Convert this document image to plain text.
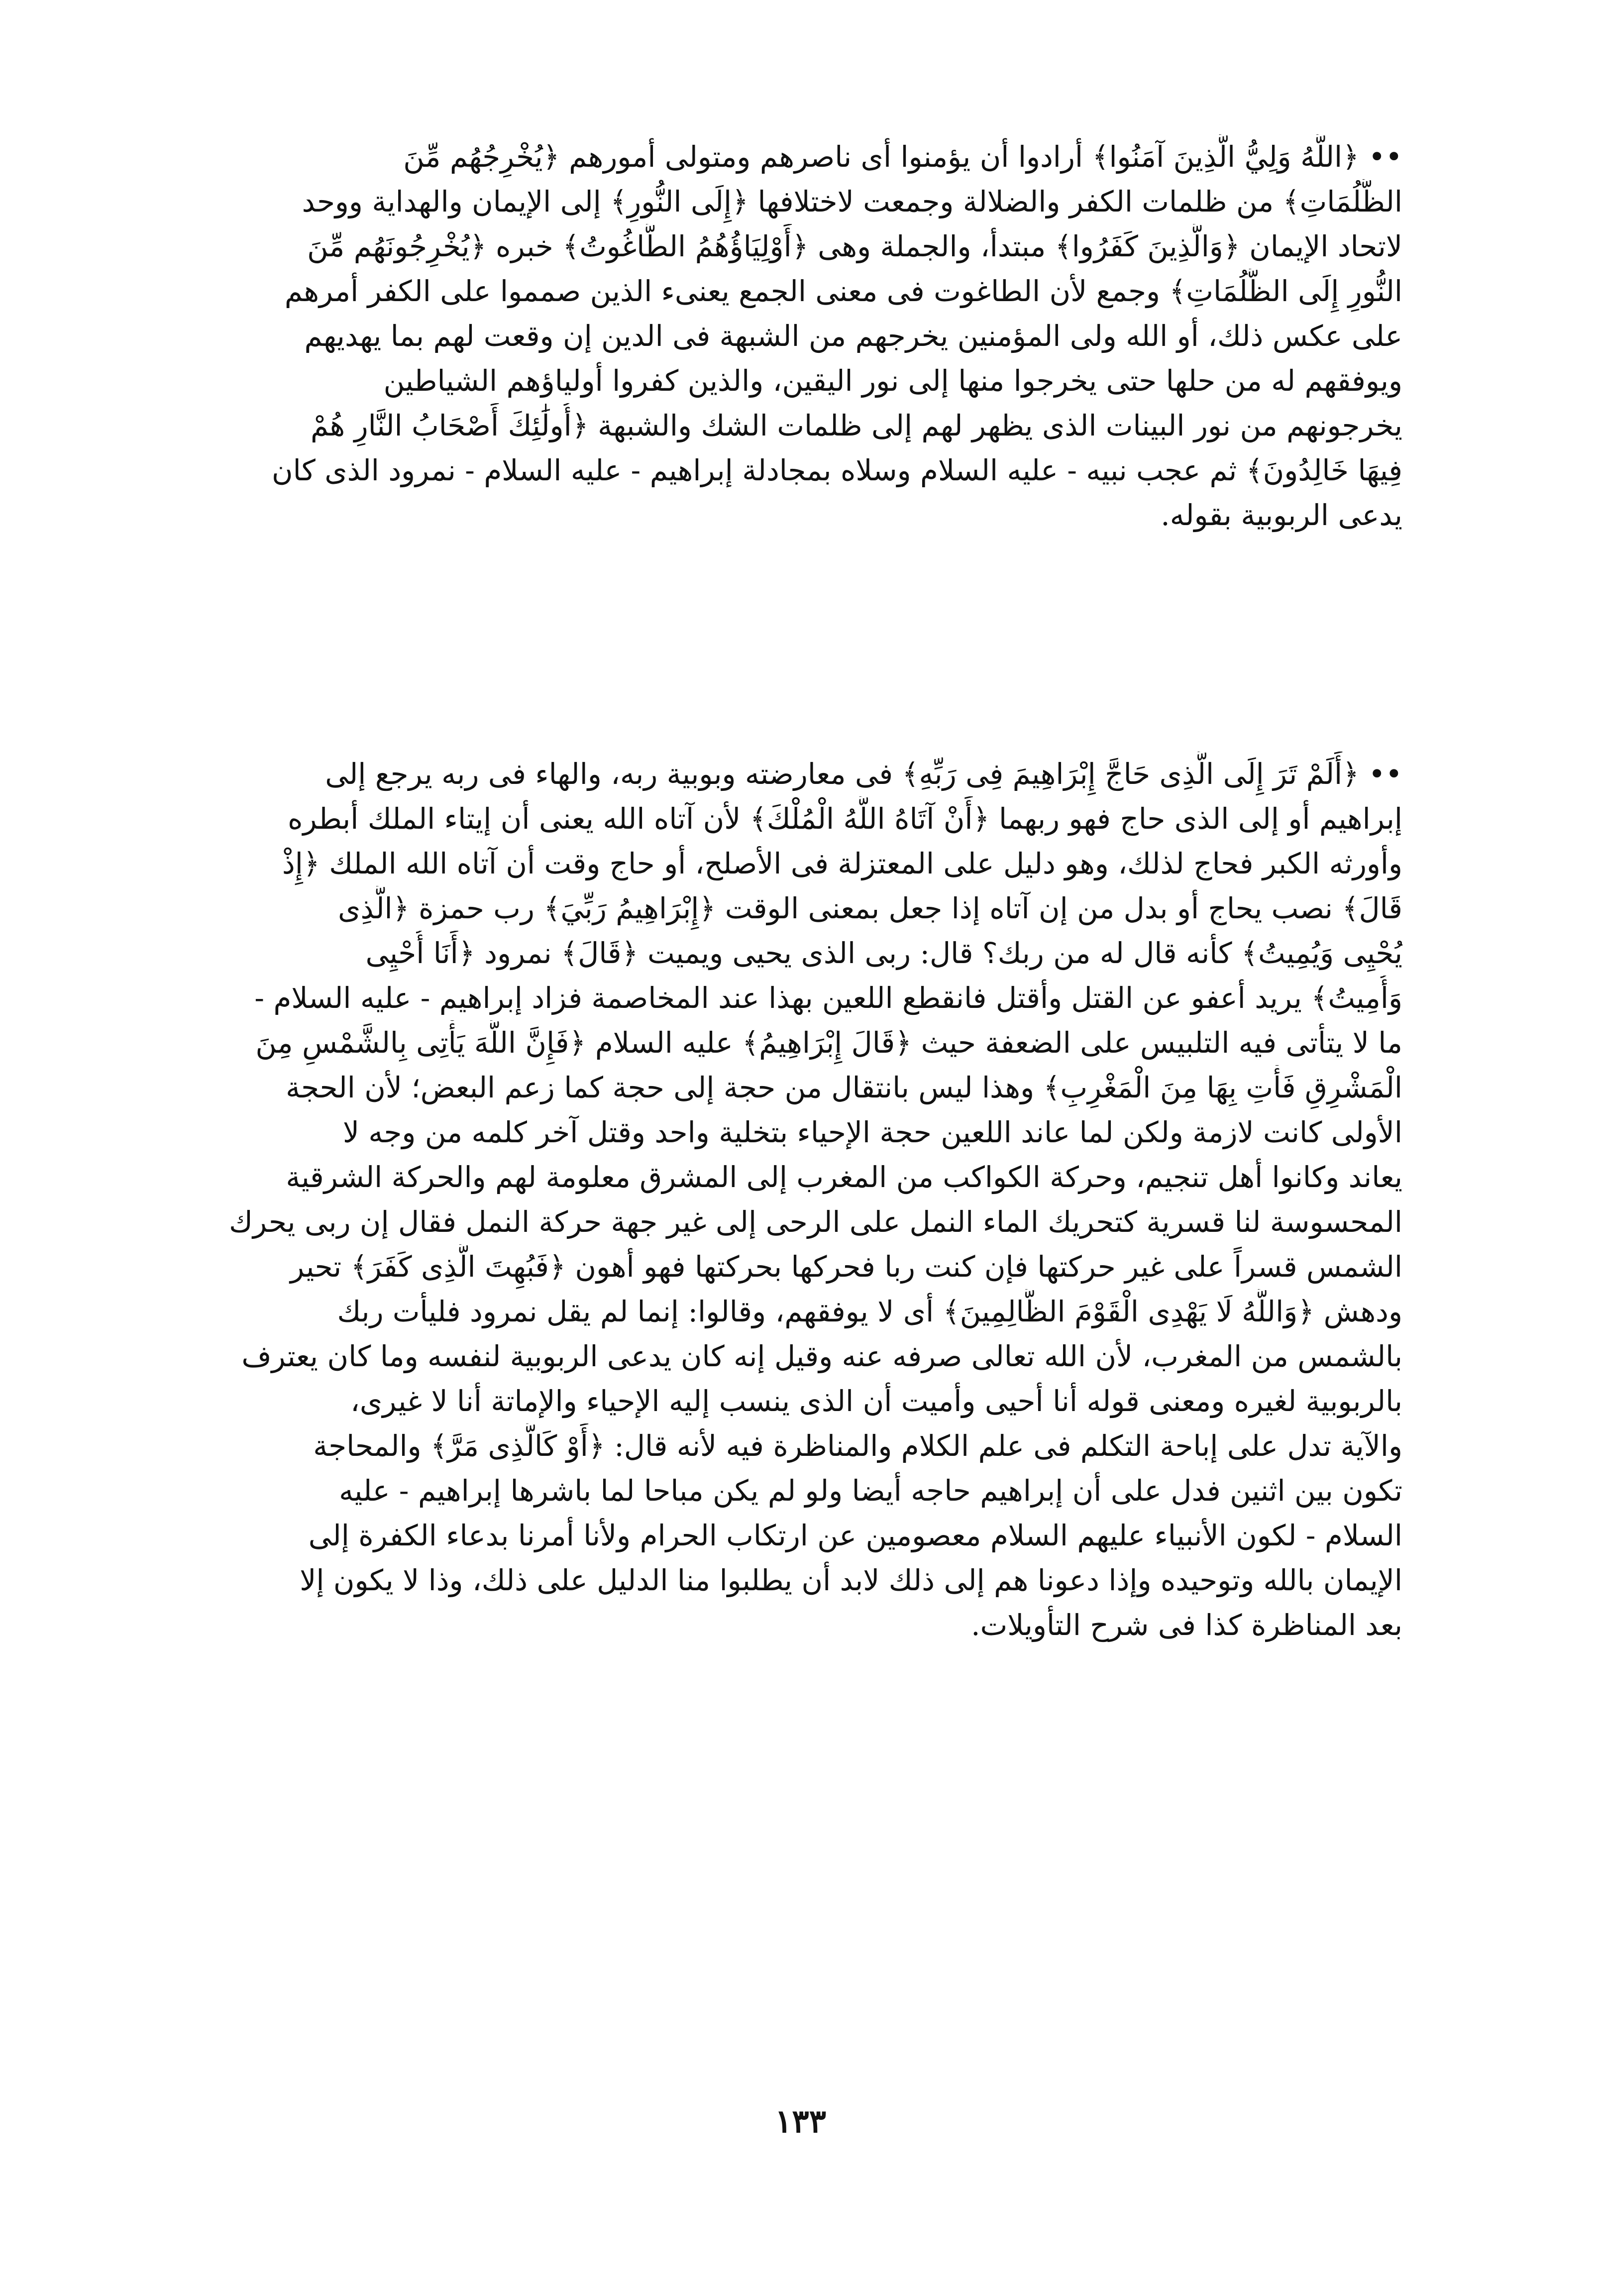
•• ﴿اللَّهُ وَلِيُّ الَّذِينَ آمَنُوا﴾ أرادوا أن يؤمنوا أى ناصرهم ومتولى أمورهم ﴿يُخْرِجُهُم مِّنَ
الظُّلُمَاتِ﴾ من ظلمات الكفر والضلالة وجمعت لاختلافها ﴿إِلَى النُّورِ﴾ إلى الإيمان والهداية ووحد
لاتحاد الإيمان ﴿وَالَّذِينَ كَفَرُوا﴾ مبتدأ، والجملة وهى ﴿أَوْلِيَاؤُهُمُ الطَّاغُوتُ﴾ خبره ﴿يُخْرِجُونَهُم مِّنَ
النُّورِ إِلَى الظُّلُمَاتِ﴾ وجمع لأن الطاغوت فى معنى الجمع يعنىء الذين صمموا على الكفر أمرهم
على عكس ذلك، أو الله ولى المؤمنين يخرجهم من الشبهة فى الدين إن وقعت لهم بما يهديهم
ويوفقهم له من حلها حتى يخرجوا منها إلى نور اليقين، والذين كفروا أولياؤهم الشياطين
يخرجونهم من نور البينات الذى يظهر لهم إلى ظلمات الشك والشبهة ﴿أُولَٰئِكَ أَصْحَابُ النَّارِ هُمْ
فِيهَا خَالِدُونَ﴾ ثم عجب نبيه - عليه السلام وسلاه بمجادلة إبراهيم - عليه السلام - نمرود الذى كان
يدعى الربوبية بقوله.
•• ﴿أَلَمْ تَرَ إِلَى الَّذِى حَاجَّ إِبْرَاهِيمَ فِى رَبِّهِ﴾ فى معارضته وبوبية ربه، والهاء فى ربه يرجع إلى
إبراهيم أو إلى الذى حاج فهو ربهما ﴿أَنْ آتَاهُ اللَّهُ الْمُلْكَ﴾ لأن آتاه الله يعنى أن إيتاء الملك أبطره
وأورثه الكبر فحاج لذلك، وهو دليل على المعتزلة فى الأصلح، أو حاج وقت أن آتاه الله الملك ﴿إِذْ
قَالَ﴾ نصب يحاج أو بدل من إن آتاه إذا جعل بمعنى الوقت ﴿إِبْرَاهِيمُ رَبِّيَ﴾ رب حمزة ﴿الَّذِى
يُحْيِى وَيُمِيتُ﴾ كأنه قال له من ربك؟ قال: ربى الذى يحيى ويميت ﴿قَالَ﴾ نمرود ﴿أَنَا أُحْيِى
وَأُمِيتُ﴾ يريد أعفو عن القتل وأقتل فانقطع اللعين بهذا عند المخاصمة فزاد إبراهيم - عليه السلام -
ما لا يتأتى فيه التلبيس على الضعفة حيث ﴿قَالَ إِبْرَاهِيمُ﴾ عليه السلام ﴿فَإِنَّ اللَّهَ يَأْتِى بِالشَّمْسِ مِنَ
الْمَشْرِقِ فَأْتِ بِهَا مِنَ الْمَغْرِبِ﴾ وهذا ليس بانتقال من حجة إلى حجة كما زعم البعض؛ لأن الحجة
الأولى كانت لازمة ولكن لما عاند اللعين حجة الإحياء بتخلية واحد وقتل آخر كلمه من وجه لا
يعاند وكانوا أهل تنجيم، وحركة الكواكب من المغرب إلى المشرق معلومة لهم والحركة الشرقية
المحسوسة لنا قسرية كتحريك الماء النمل على الرحى إلى غير جهة حركة النمل فقال إن ربى يحرك
الشمس قسراً على غير حركتها فإن كنت ربا فحركها بحركتها فهو أهون ﴿فَبُهِتَ الَّذِى كَفَرَ﴾ تحير
ودهش ﴿وَاللَّهُ لَا يَهْدِى الْقَوْمَ الظَّالِمِينَ﴾ أى لا يوفقهم، وقالوا: إنما لم يقل نمرود فليأت ربك
بالشمس من المغرب، لأن الله تعالى صرفه عنه وقيل إنه كان يدعى الربوبية لنفسه وما كان يعترف
بالربوبية لغيره ومعنى قوله أنا أحيى وأميت أن الذى ينسب إليه الإحياء والإماتة أنا لا غيرى،
والآية تدل على إباحة التكلم فى علم الكلام والمناظرة فيه لأنه قال: ﴿أَوْ كَالَّذِى مَرَّ﴾ والمحاجة
تكون بين اثنين فدل على أن إبراهيم حاجه أيضا ولو لم يكن مباحا لما باشرها إبراهيم - عليه
السلام - لكون الأنبياء عليهم السلام معصومين عن ارتكاب الحرام ولأنا أمرنا بدعاء الكفرة إلى
الإيمان بالله وتوحيده وإذا دعونا هم إلى ذلك لابد أن يطلبوا منا الدليل على ذلك، وذا لا يكون إلا
بعد المناظرة كذا فى شرح التأويلات.
١٣٣
